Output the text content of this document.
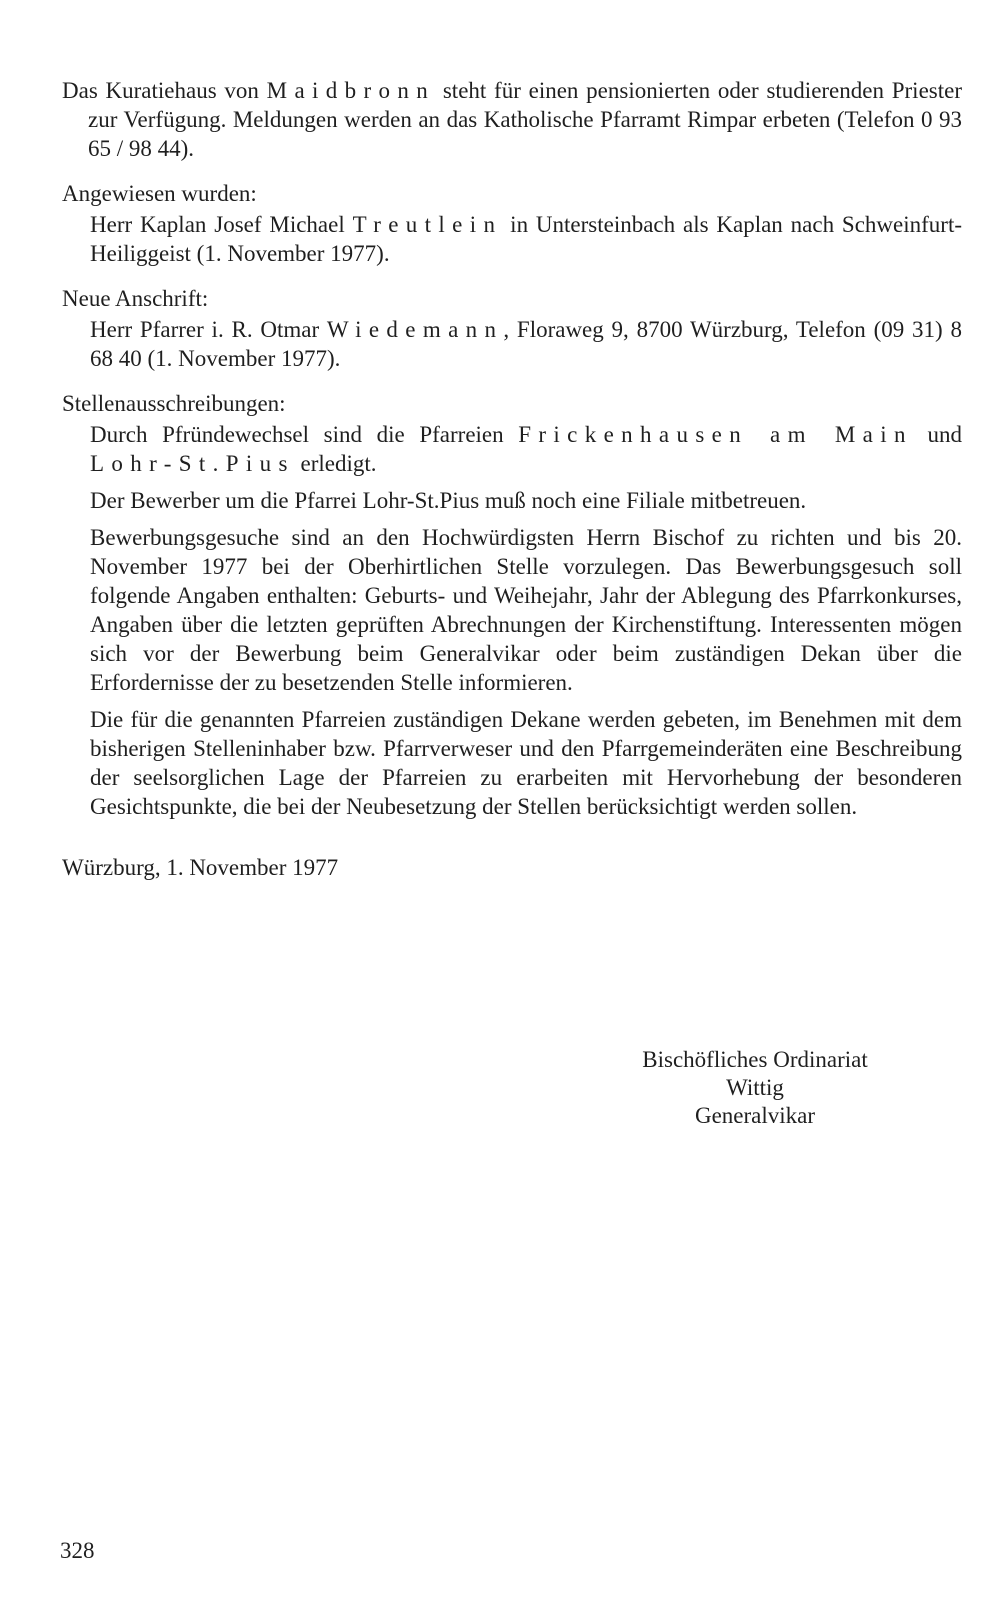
Das Kuratiehaus von Maidbronn steht für einen pensionierten oder studierenden Priester zur Verfügung. Meldungen werden an das Katholische Pfarramt Rimpar erbeten (Telefon 0 93 65 / 98 44).

Angewiesen wurden:

Herr Kaplan Josef Michael Treutlein in Untersteinbach als Kaplan nach Schweinfurt-Heiliggeist (1. November 1977).

Neue Anschrift:

Herr Pfarrer i. R. Otmar Wiedemann, Floraweg 9, 8700 Würzburg, Telefon (09 31) 8 68 40 (1. November 1977).

Stellenausschreibungen:

Durch Pfründewechsel sind die Pfarreien Frickenhausen am Main und Lohr-St.Pius erledigt.

Der Bewerber um die Pfarrei Lohr-St.Pius muß noch eine Filiale mitbetreuen.

Bewerbungsgesuche sind an den Hochwürdigsten Herrn Bischof zu richten und bis 20. November 1977 bei der Oberhirtlichen Stelle vorzulegen. Das Bewerbungsgesuch soll folgende Angaben enthalten: Geburts- und Weihejahr, Jahr der Ablegung des Pfarrkonkurses, Angaben über die letzten geprüften Abrechnungen der Kirchenstiftung. Interessenten mögen sich vor der Bewerbung beim Generalvikar oder beim zuständigen Dekan über die Erfordernisse der zu besetzenden Stelle informieren.

Die für die genannten Pfarreien zuständigen Dekane werden gebeten, im Benehmen mit dem bisherigen Stelleninhaber bzw. Pfarrverweser und den Pfarrgemeinderäten eine Beschreibung der seelsorglichen Lage der Pfarreien zu erarbeiten mit Hervorhebung der besonderen Gesichtspunkte, die bei der Neubesetzung der Stellen berücksichtigt werden sollen.

Würzburg, 1. November 1977

Bischöfliches Ordinariat

Wittig

Generalvikar

328
